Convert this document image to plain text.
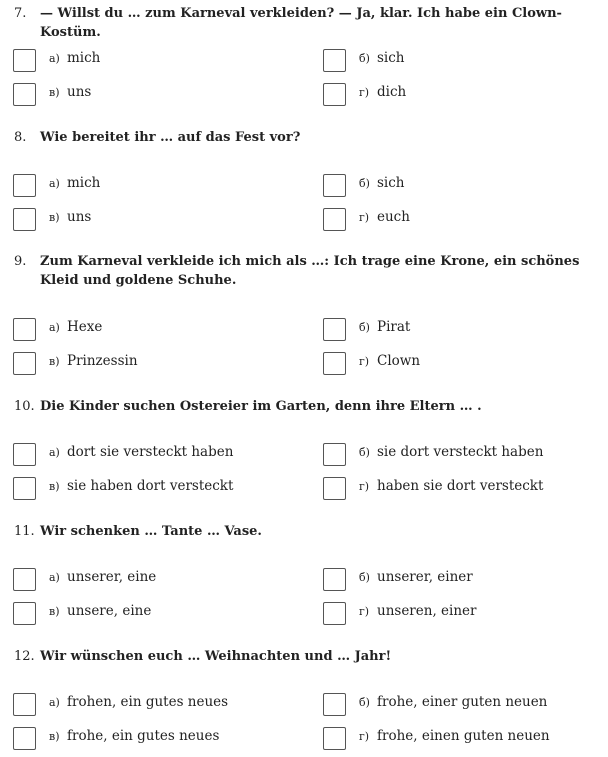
7. — Willst du … zum Karneval verkleiden? — Ja, klar. Ich habe ein Clown-Kostüm.
a) mich	б) sich
в) uns	г) dich
8. Wie bereitet ihr … auf das Fest vor?
a) mich	б) sich
в) uns	г) euch
9. Zum Karneval verkleide ich mich als …: Ich trage eine Krone, ein schönes Kleid und goldene Schuhe.
a) Hexe	б) Pirat
в) Prinzessin	г) Clown
10. Die Kinder suchen Ostereier im Garten, denn ihre Eltern … .
a) dort sie versteckt haben	б) sie dort versteckt haben
в) sie haben dort versteckt	г) haben sie dort versteckt
11. Wir schenken … Tante … Vase.
a) unserer, eine	б) unserer, einer
в) unsere, eine	г) unseren, einer
12. Wir wünschen euch … Weihnachten und … Jahr!
a) frohen, ein gutes neues	б) frohe, einer guten neuen
в) frohe, ein gutes neues	г) frohe, einen guten neuen
